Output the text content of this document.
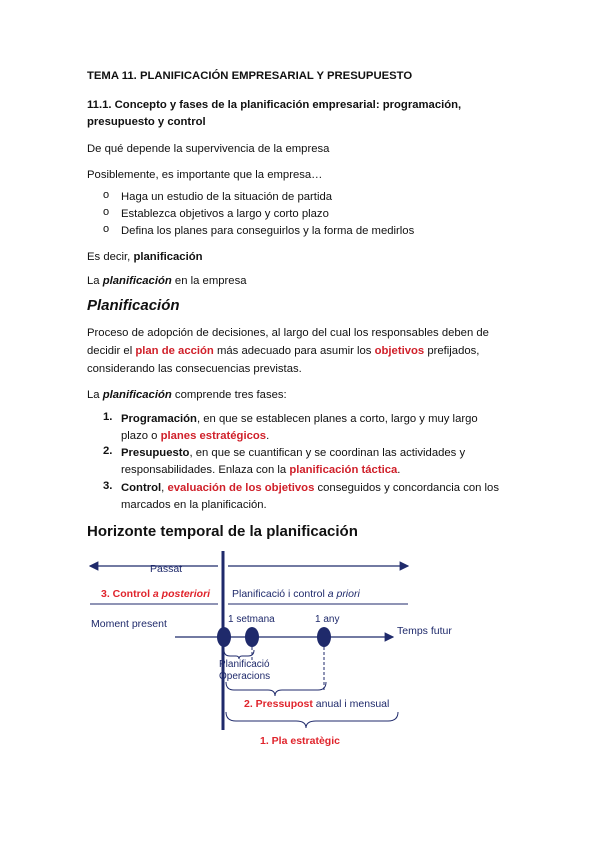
TEMA 11. PLANIFICACIÓN EMPRESARIAL Y PRESUPUESTO
11.1. Concepto y fases de la planificación empresarial: programación,
presupuesto y control
De qué depende la supervivencia de la empresa
Posiblemente, es importante que la empresa…
o Haga un estudio de la situación de partida
o Establezca objetivos a largo y corto plazo
o Defina los planes para conseguirlos y la forma de medirlos
Es decir, planificación
La planificación en la empresa
Planificación
Proceso de adopción de decisiones, al largo del cual los responsables deben de
decidir el plan de acción más adecuado para asumir los objetivos prefijados,
considerando las consecuencias previstas.
La planificación comprende tres fases:
1. Programación, en que se establecen planes a corto, largo y muy largo
plazo o planes estratégicos.
2. Presupuesto, en que se cuantifican y se coordinan las actividades y
responsabilidades. Enlaza con la planificación táctica.
3. Control, evaluación de los objetivos conseguidos y concordancia con los
marcados en la planificación.
Horizonte temporal de la planificación
Passat
3. Control a posteriori Planificació i control a priori
Moment present
Temps futur
1 setmana	1 any
Planificació
Operacions
2. Pressupost anual i mensual
1. Pla estratègic
